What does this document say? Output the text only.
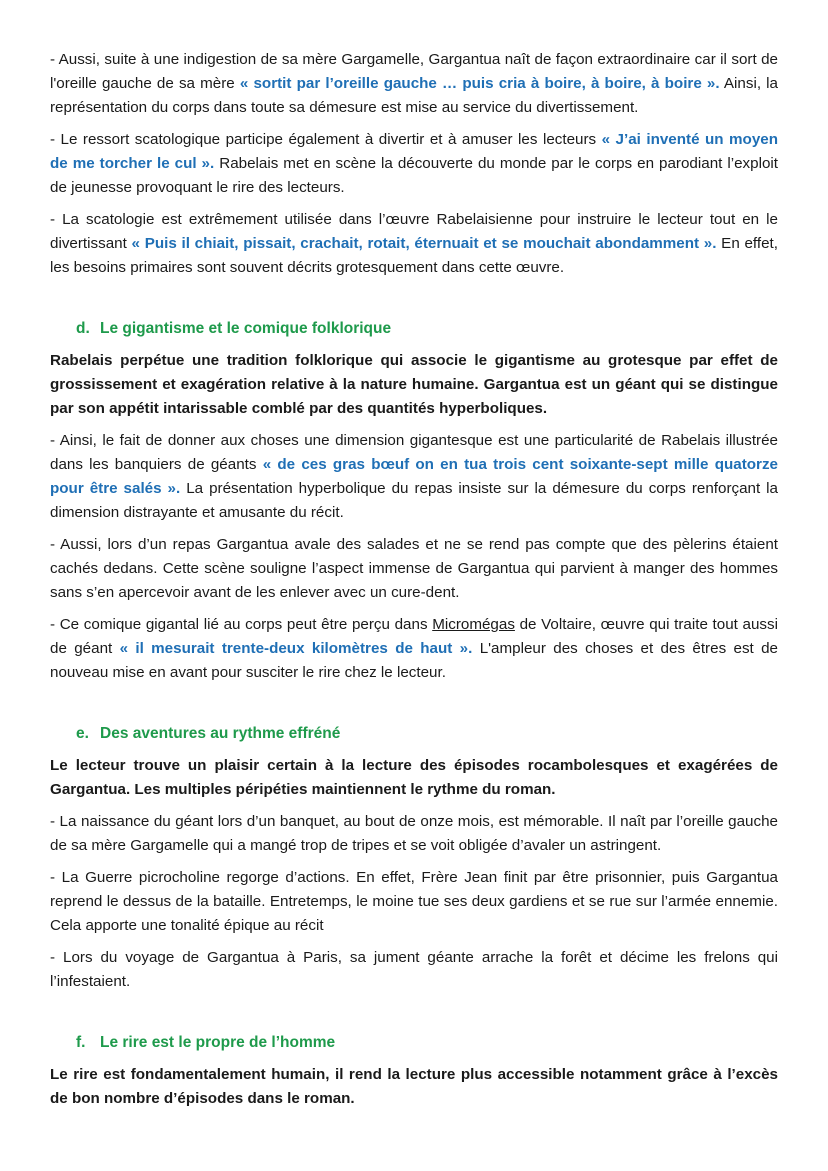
- Aussi, suite à une indigestion de sa mère Gargamelle, Gargantua naît de façon extraordinaire car il sort de l'oreille gauche de sa mère « sortit par l’oreille gauche … puis cria à boire, à boire, à boire ». Ainsi, la représentation du corps dans toute sa démesure est mise au service du divertissement.

- Le ressort scatologique participe également à divertir et à amuser les lecteurs « J’ai inventé un moyen de me torcher le cul ». Rabelais met en scène la découverte du monde par le corps en parodiant l’exploit de jeunesse provoquant le rire des lecteurs.

- La scatologie est extrêmement utilisée dans l’œuvre Rabelaisienne pour instruire le lecteur tout en le divertissant « Puis il chiait, pissait, crachait, rotait, éternuait et se mouchait abondamment ». En effet, les besoins primaires sont souvent décrits grotesquement dans cette œuvre.

d. Le gigantisme et le comique folklorique

Rabelais perpétue une tradition folklorique qui associe le gigantisme au grotesque par effet de grossissement et exagération relative à la nature humaine. Gargantua est un géant qui se distingue par son appétit intarissable comblé par des quantités hyperboliques.

- Ainsi, le fait de donner aux choses une dimension gigantesque est une particularité de Rabelais illustrée dans les banquiers de géants « de ces gras bœuf on en tua trois cent soixante-sept mille quatorze pour être salés ». La présentation hyperbolique du repas insiste sur la démesure du corps renforçant la dimension distrayante et amusante du récit.

- Aussi, lors d’un repas Gargantua avale des salades et ne se rend pas compte que des pèlerins étaient cachés dedans. Cette scène souligne l’aspect immense de Gargantua qui parvient à manger des hommes sans s’en apercevoir avant de les enlever avec un cure-dent.

- Ce comique gigantal lié au corps peut être perçu dans Micromégas de Voltaire, œuvre qui traite tout aussi de géant « il mesurait trente-deux kilomètres de haut ». L'ampleur des choses et des êtres est de nouveau mise en avant pour susciter le rire chez le lecteur.

e. Des aventures au rythme effréné

Le lecteur trouve un plaisir certain à la lecture des épisodes rocambolesques et exagérées de Gargantua. Les multiples péripéties maintiennent le rythme du roman.

- La naissance du géant lors d’un banquet, au bout de onze mois, est mémorable. Il naît par l’oreille gauche de sa mère Gargamelle qui a mangé trop de tripes et se voit obligée d’avaler un astringent.

- La Guerre picrocholine regorge d’actions. En effet, Frère Jean finit par être prisonnier, puis Gargantua reprend le dessus de la bataille. Entretemps, le moine tue ses deux gardiens et se rue sur l’armée ennemie. Cela apporte une tonalité épique au récit

- Lors du voyage de Gargantua à Paris, sa jument géante arrache la forêt et décime les frelons qui l’infestaient.

f. Le rire est le propre de l’homme

Le rire est fondamentalement humain, il rend la lecture plus accessible notamment grâce à l’excès de bon nombre d’épisodes dans le roman.
